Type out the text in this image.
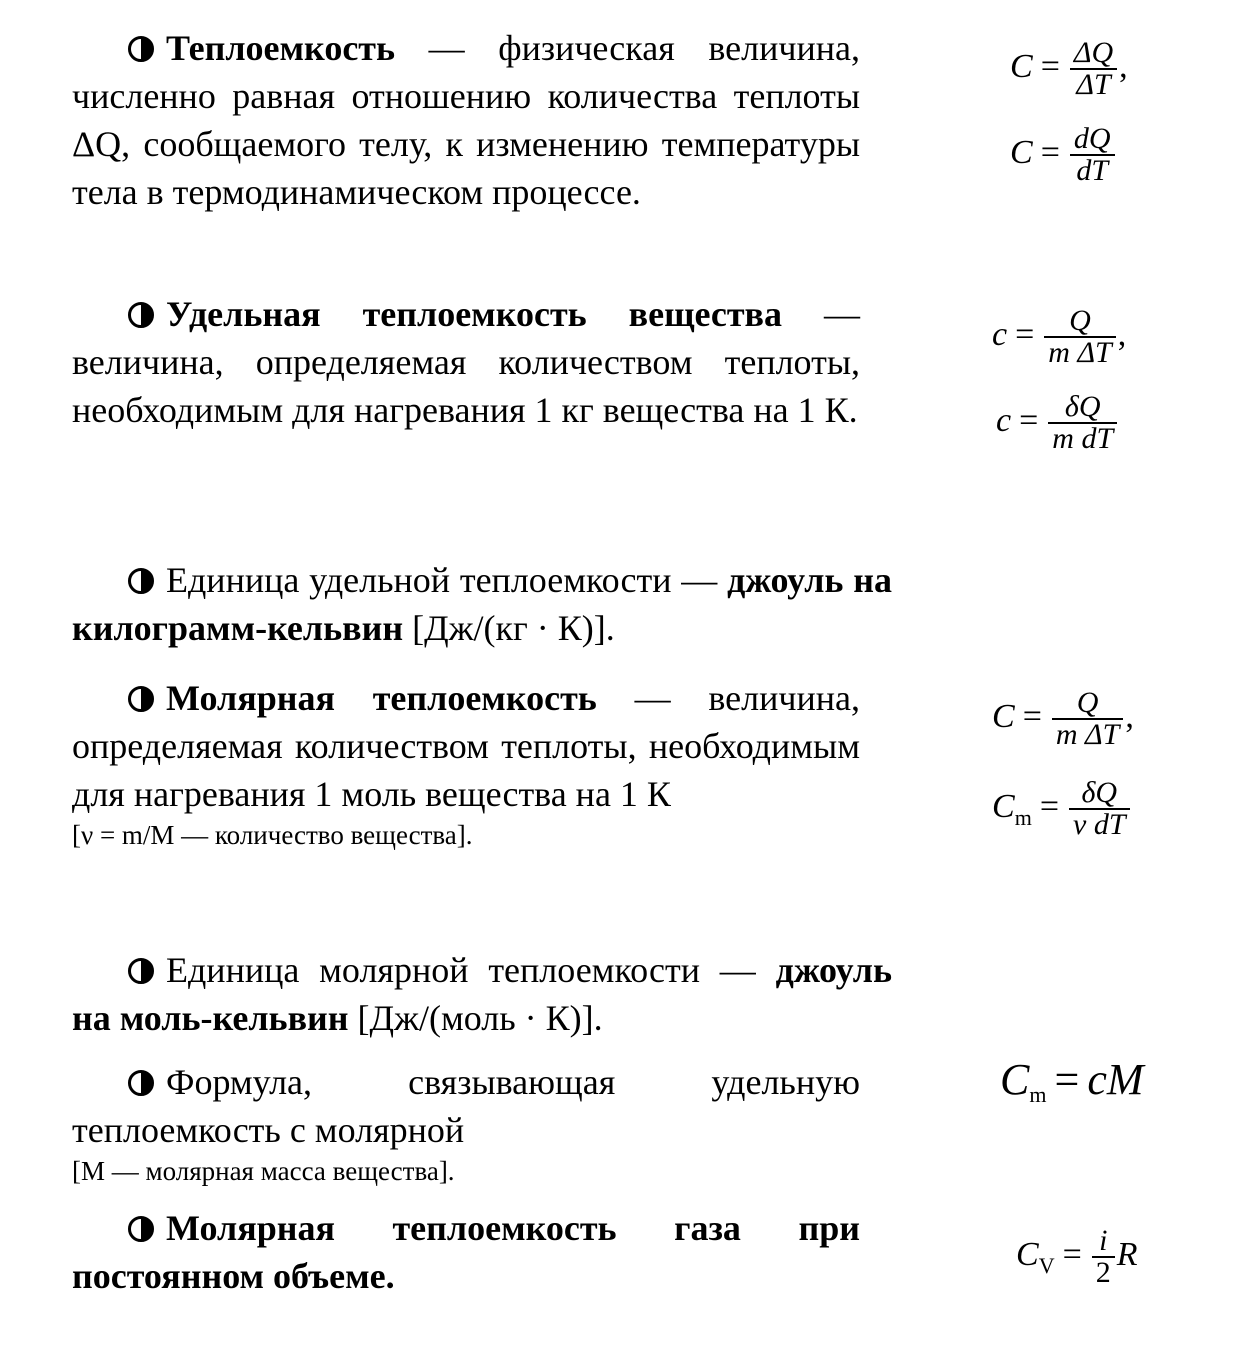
Теплоемкость — физическая величина, численно равная отношению количества теплоты ΔQ, сообщаемого телу, к изменению температуры тела в термодинамическом процессе.
Удельная теплоемкость вещества — величина, определяемая количеством теплоты, необходимым для нагревания 1 кг вещества на 1 К.
Единица удельной теплоемкости — джоуль на килограмм-кельвин [Дж/(кг · К)].
Молярная теплоемкость — величина, определяемая количеством теплоты, необходимым для нагревания 1 моль вещества на 1 К
[ν = m/M — количество вещества].
Единица молярной теплоемкости — джоуль на моль-кельвин [Дж/(моль · К)].
Формула, связывающая удельную теплоемкость с молярной
[M — молярная масса вещества].
Молярная теплоемкость газа при постоянном объеме.
$C = \frac{\Delta Q}{\Delta T}$ ,
$C = \frac{dQ}{dT}$
$c = \frac{Q}{\text{m ΔT}}$ ,
$c = \frac{\delta Q}{\text{m dT}}$
$C = \frac{Q}{\text{m ΔT}}$ ,
$C_m = \frac{\delta Q}{\text{ν dT}}$
$C_m$ = cM
$C_V = \frac{i}{2}$ R
